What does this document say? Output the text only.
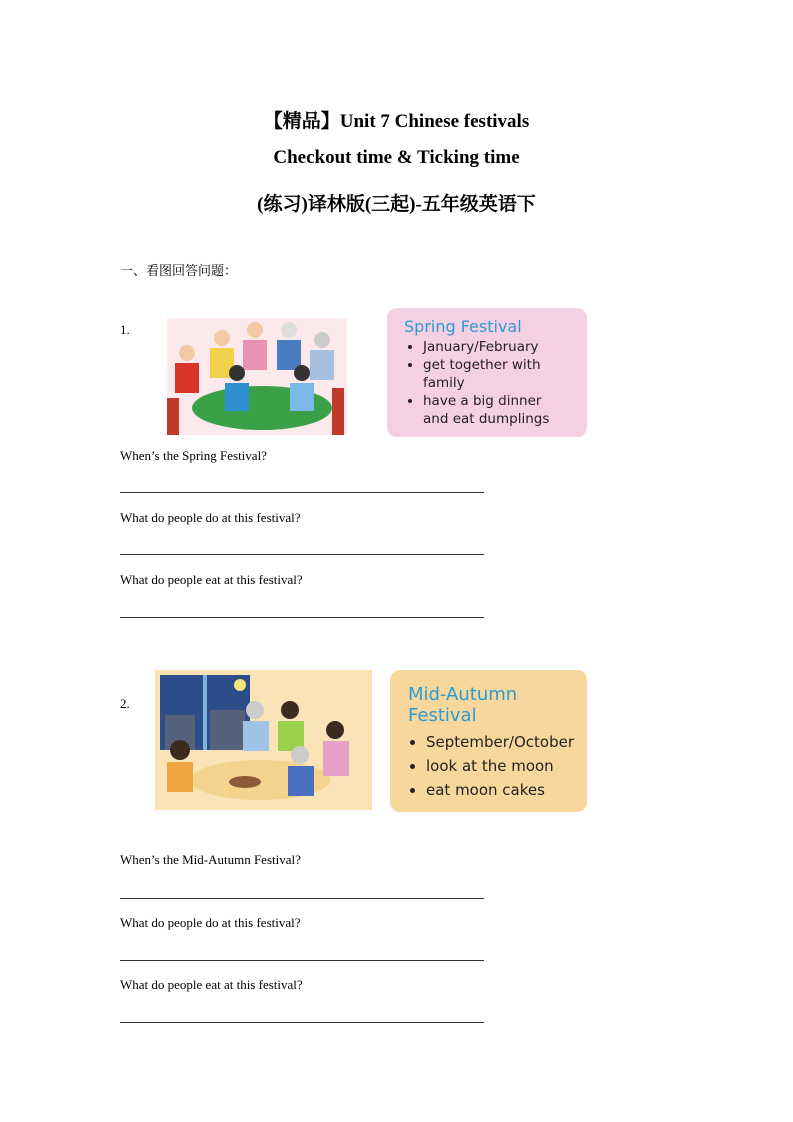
【精品】Unit 7 Chinese festivals
Checkout time & Ticking time
(练习)译林版(三起)-五年级英语下
一、看图回答问题：
1.	Spring Festival
• January/February
• get together with family
• have a big dinner and eat dumplings
When’s the Spring Festival?
What do people do at this festival?
What do people eat at this festival?
2.	Mid-Autumn Festival
• September/October
• look at the moon
• eat moon cakes
When’s the Mid-Autumn Festival?
What do people do at this festival?
What do people eat at this festival?
